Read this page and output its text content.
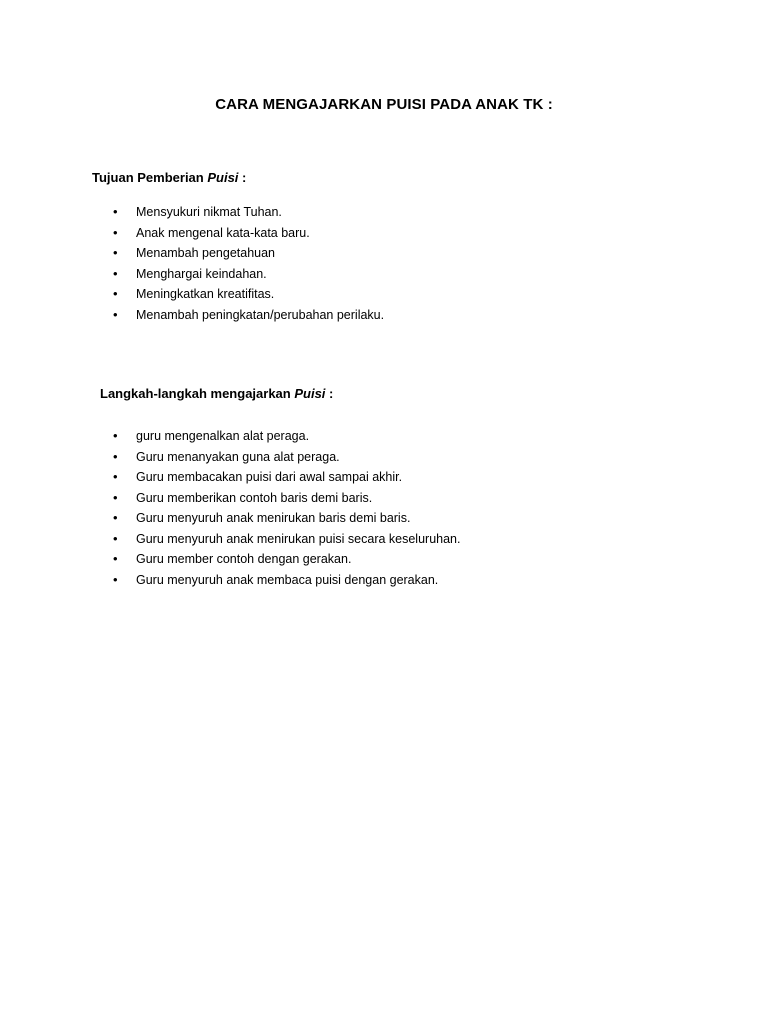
CARA MENGAJARKAN PUISI PADA ANAK TK :
Tujuan Pemberian Puisi :
• Mensyukuri nikmat Tuhan.
• Anak mengenal kata-kata baru.
• Menambah pengetahuan
• Menghargai keindahan.
• Meningkatkan kreatifitas.
• Menambah peningkatan/perubahan perilaku.
Langkah-langkah mengajarkan Puisi :
• guru mengenalkan alat peraga.
• Guru menanyakan guna alat peraga.
• Guru membacakan puisi dari awal sampai akhir.
• Guru memberikan contoh baris demi baris.
• Guru menyuruh anak menirukan baris demi baris.
• Guru menyuruh anak menirukan puisi secara keseluruhan.
• Guru member contoh dengan gerakan.
• Guru menyuruh anak membaca puisi dengan gerakan.
